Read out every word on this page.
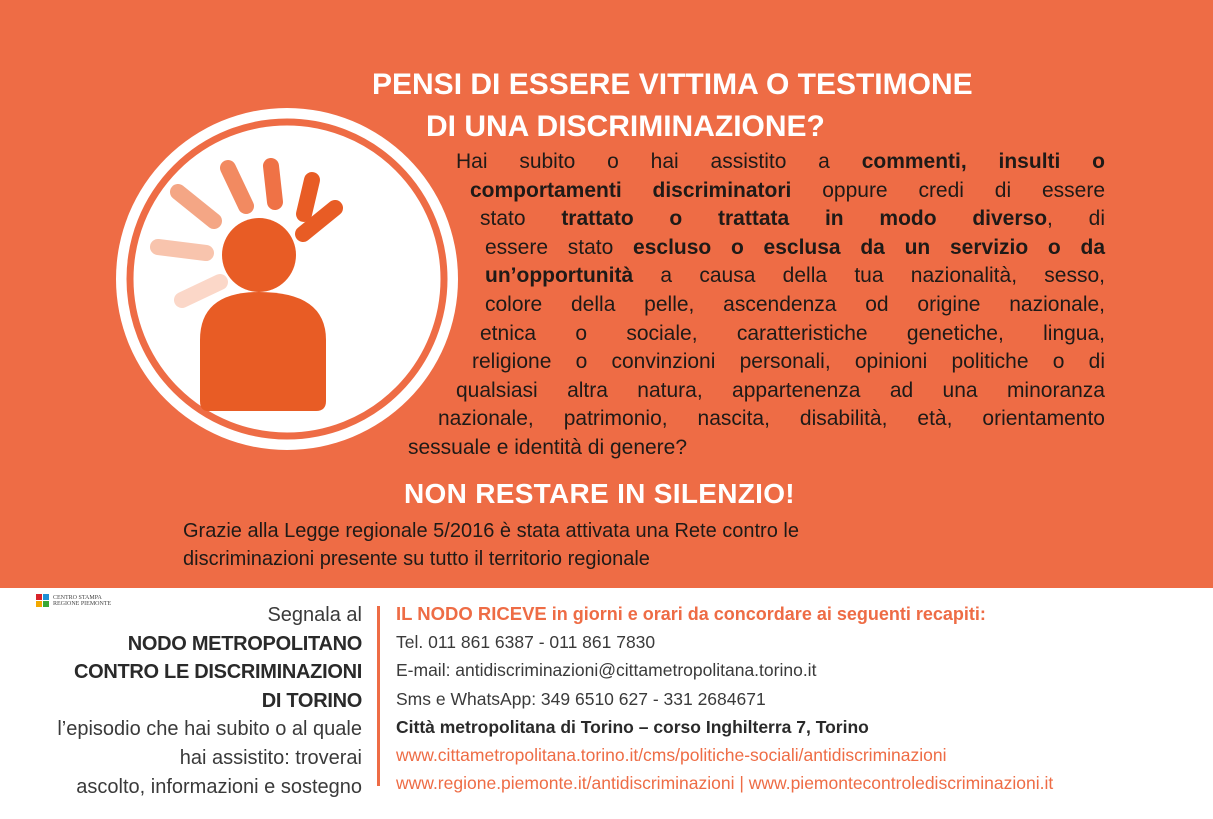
PENSI DI ESSERE VITTIMA O TESTIMONE
DI UNA DISCRIMINAZIONE?
Hai subito o hai assistito a commenti, insulti o
comportamenti discriminatori oppure credi di essere
stato trattato o trattata in modo diverso, di
essere stato escluso o esclusa da un servizio o da
un’opportunità a causa della tua nazionalità, sesso,
colore della pelle, ascendenza od origine nazionale,
etnica o sociale, caratteristiche genetiche, lingua,
religione o convinzioni personali, opinioni politiche o di
qualsiasi altra natura, appartenenza ad una minoranza
nazionale, patrimonio, nascita, disabilità, età, orientamento
sessuale e identità di genere?
NON RESTARE IN SILENZIO!
Grazie alla Legge regionale 5/2016 è stata attivata una Rete contro le
discriminazioni presente su tutto il territorio regionale
CENTRO STAMPA
REGIONE PIEMONTE	Segnala al
NODO METROPOLITANO
CONTRO LE DISCRIMINAZIONI
DI TORINO
l’episodio che hai subito o al quale
hai assistito: troverai
ascolto, informazioni e sostegno
IL NODO RICEVE in giorni e orari da concordare ai seguenti recapiti:
Tel. 011 861 6387 - 011 861 7830
E-mail: antidiscriminazioni@cittametropolitana.torino.it
Sms e WhatsApp: 349 6510 627 - 331 2684671
Città metropolitana di Torino – corso Inghilterra 7, Torino
www.cittametropolitana.torino.it/cms/politiche-sociali/antidiscriminazioni
www.regione.piemonte.it/antidiscriminazioni | www.piemontecontrolediscriminazioni.it
